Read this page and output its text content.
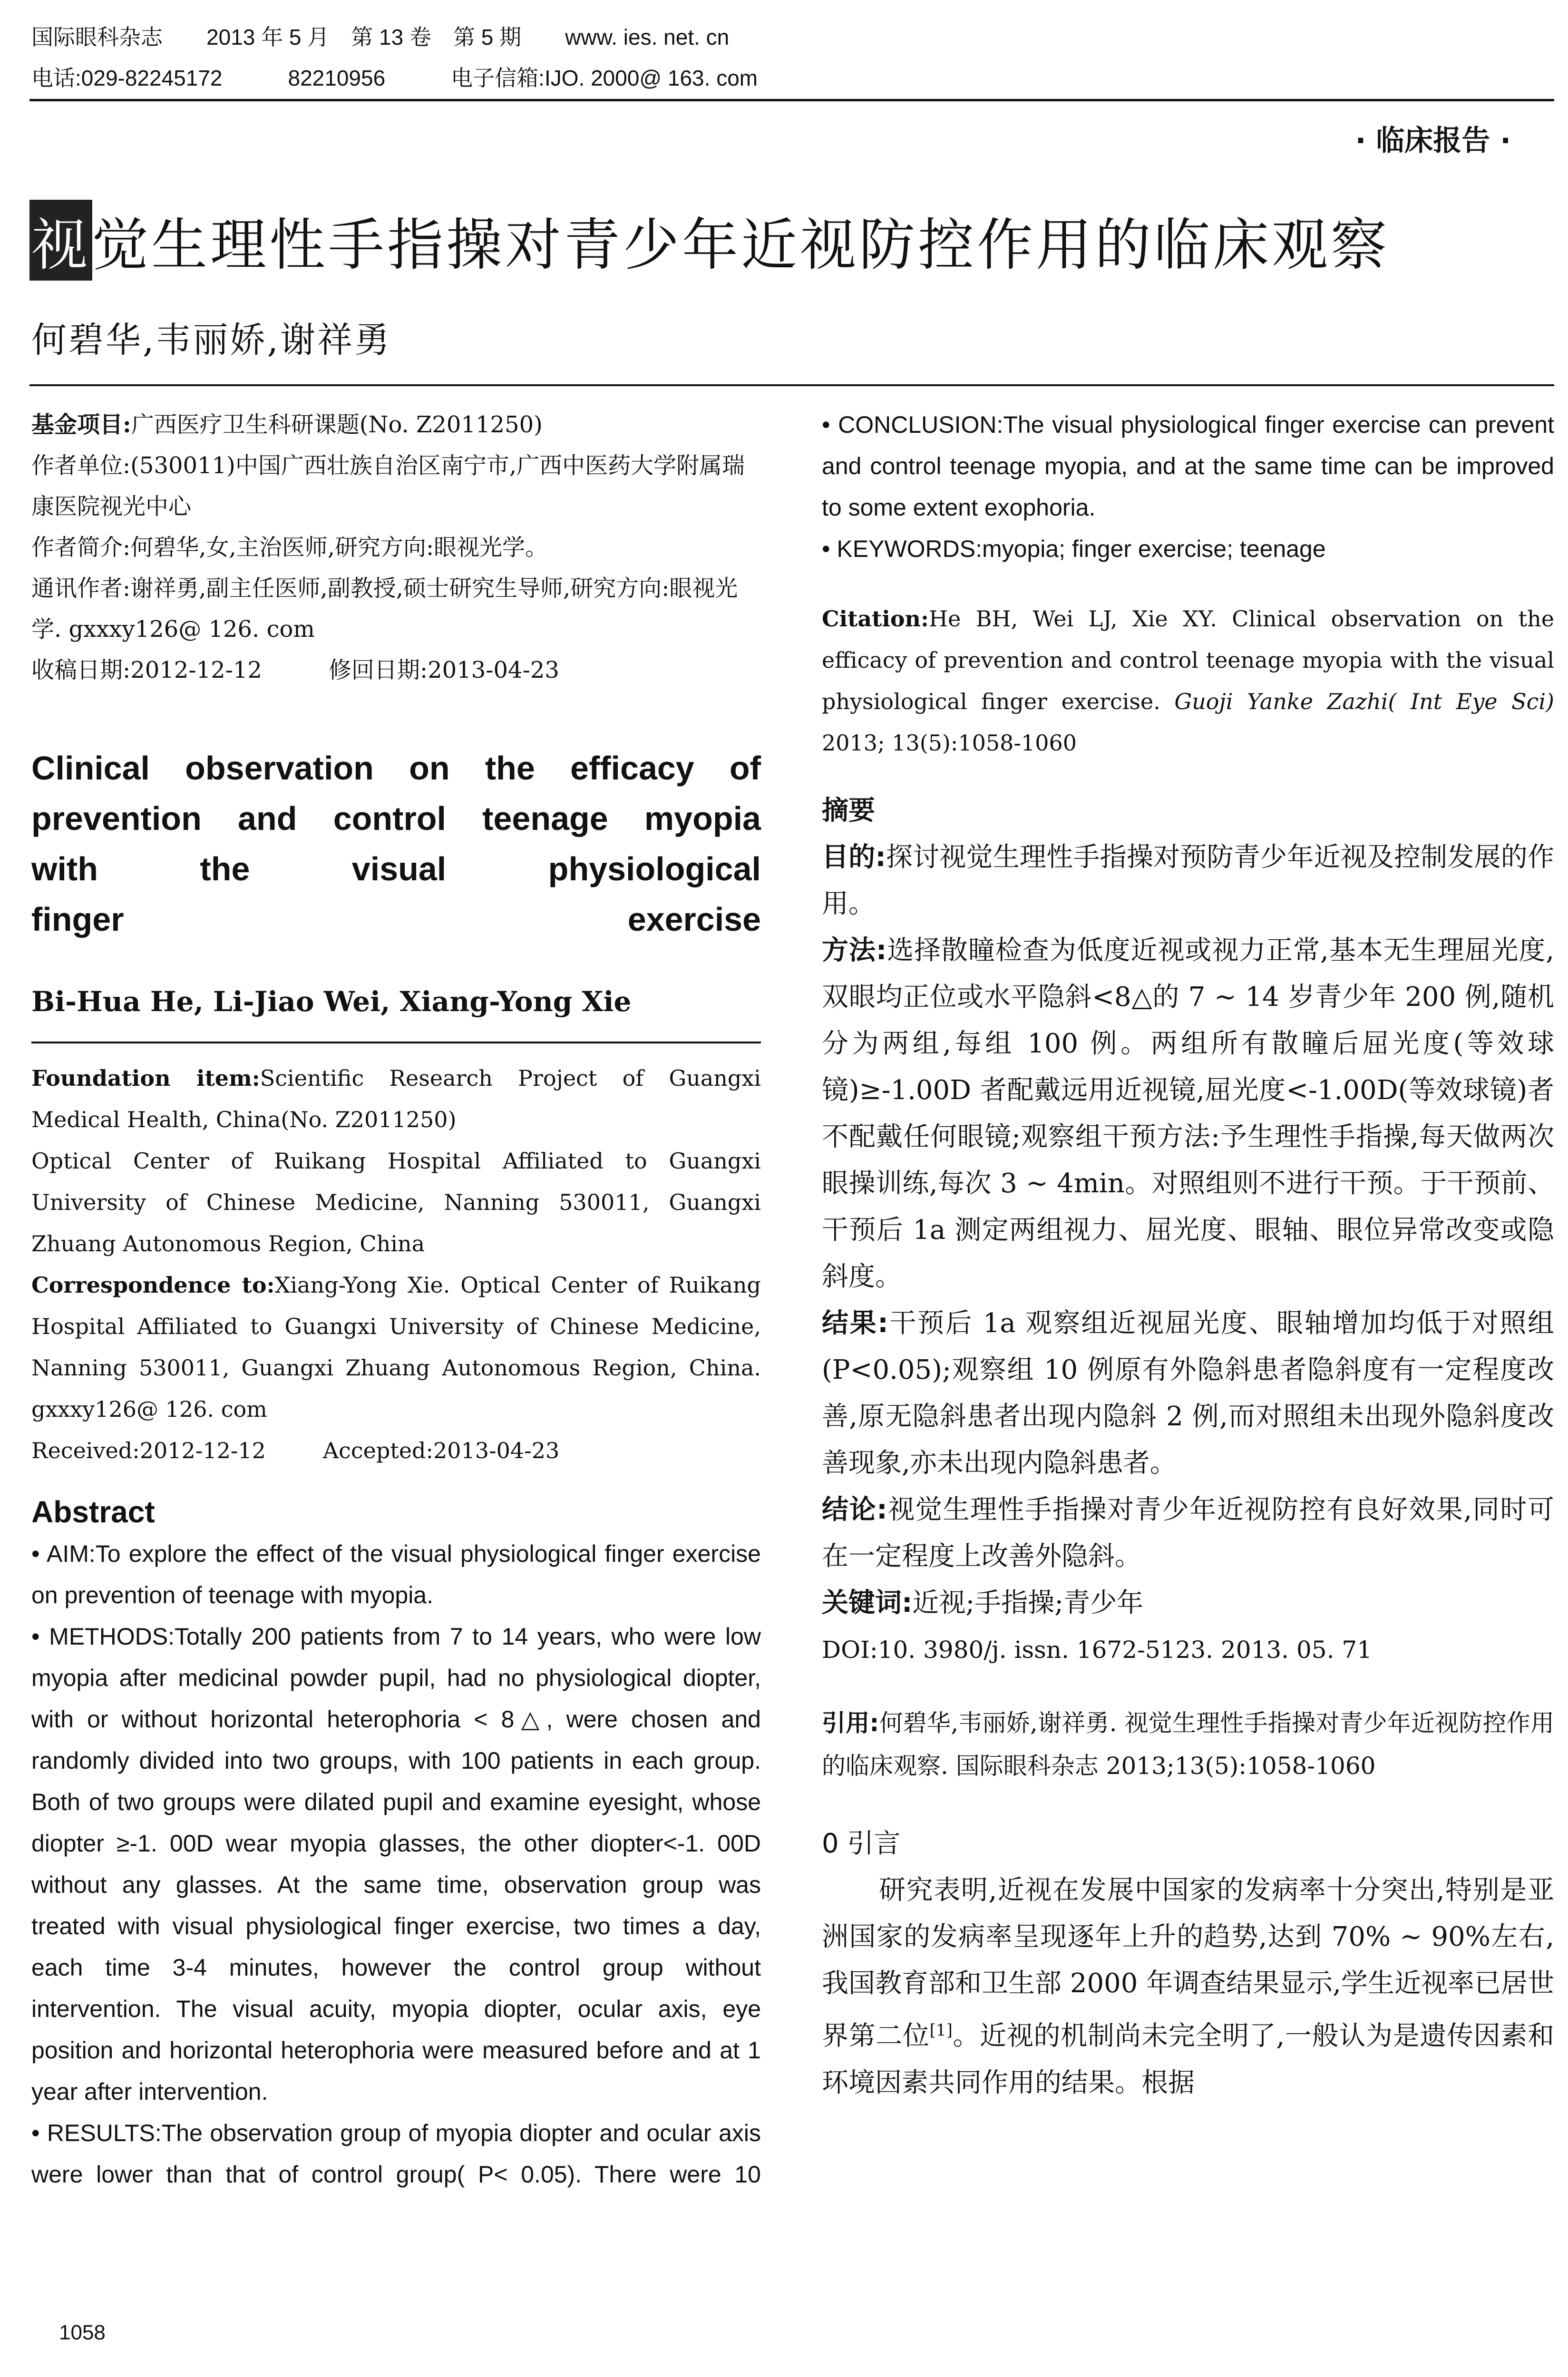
国际眼科杂志　　2013 年 5 月　第 13 卷　第 5 期　　www. ies. net. cn
电话:029-82245172　　　82210956　　　电子信箱:IJO. 2000@ 163. com
· 临床报告 ·
视觉生理性手指操对青少年近视防控作用的临床观察
何碧华,韦丽娇,谢祥勇

基金项目:广西医疗卫生科研课题(No. Z2011250)

作者单位:(530011)中国广西壮族自治区南宁市,广西中医药大学附属瑞康医院视光中心

作者简介:何碧华,女,主治医师,研究方向:眼视光学。

通讯作者:谢祥勇,副主任医师,副教授,硕士研究生导师,研究方向:眼视光学. gxxxy126@ 126. com

收稿日期:2012-12-12	修回日期:2013-04-23

Clinical observation on the efficacy of
prevention and control teenage myopia
with the visual physiological
finger exercise
Bi-Hua He, Li-Jiao Wei, Xiang-Yong Xie

Foundation item:Scientific Research Project of Guangxi Medical Health, China(No. Z2011250)

Optical Center of Ruikang Hospital Affiliated to Guangxi University of Chinese Medicine, Nanning 530011, Guangxi Zhuang Autonomous Region, China

Correspondence to:Xiang-Yong Xie. Optical Center of Ruikang Hospital Affiliated to Guangxi University of Chinese Medicine, Nanning 530011, Guangxi Zhuang Autonomous Region, China. gxxxy126@ 126. com

Received:2012-12-12	Accepted:2013-04-23

Abstract

• AIM:To explore the effect of the visual physiological finger exercise on prevention of teenage with myopia.

• METHODS:Totally 200 patients from 7 to 14 years, who were low myopia after medicinal powder pupil, had no physiological diopter, with or without horizontal heterophoria < 8△, were chosen and randomly divided into two groups, with 100 patients in each group. Both of two groups were dilated pupil and examine eyesight, whose diopter ≥-1. 00D wear myopia glasses, the other diopter<-1. 00D without any glasses. At the same time, observation group was treated with visual physiological finger exercise, two times a day, each time 3-4 minutes, however the control group without intervention. The visual acuity, myopia diopter, ocular axis, eye position and horizontal heterophoria were measured before and at 1 year after intervention.

• RESULTS:The observation group of myopia diopter and ocular axis were lower than that of control group( P< 0.05). There were 10

1058

• CONCLUSION:The visual physiological finger exercise can prevent and control teenage myopia, and at the same time can be improved to some extent exophoria.

• KEYWORDS:myopia; finger exercise; teenage

Citation:He BH, Wei LJ, Xie XY. Clinical observation on the efficacy of prevention and control teenage myopia with the visual physiological finger exercise. Guoji Yanke Zazhi( Int Eye Sci) 2013; 13(5):1058-1060
摘要

目的:探讨视觉生理性手指操对预防青少年近视及控制发展的作用。

方法:选择散瞳检查为低度近视或视力正常,基本无生理屈光度,双眼均正位或水平隐斜<8△的 7 ~ 14 岁青少年 200 例,随机分为两组,每组 100 例。两组所有散瞳后屈光度(等效球镜)≥-1.00D 者配戴远用近视镜,屈光度<-1.00D(等效球镜)者不配戴任何眼镜;观察组干预方法:予生理性手指操,每天做两次眼操训练,每次 3 ~ 4min。对照组则不进行干预。于干预前、干预后 1a 测定两组视力、屈光度、眼轴、眼位异常改变或隐斜度。

结果:干预后 1a 观察组近视屈光度、眼轴增加均低于对照组(P<0.05);观察组 10 例原有外隐斜患者隐斜度有一定程度改善,原无隐斜患者出现内隐斜 2 例,而对照组未出现外隐斜度改善现象,亦未出现内隐斜患者。

结论:视觉生理性手指操对青少年近视防控有良好效果,同时可在一定程度上改善外隐斜。

关键词:近视;手指操;青少年

DOI:10. 3980/j. issn. 1672-5123. 2013. 05. 71

引用:何碧华,韦丽娇,谢祥勇. 视觉生理性手指操对青少年近视防控作用的临床观察. 国际眼科杂志 2013;13(5):1058-1060
0 引言
研究表明,近视在发展中国家的发病率十分突出,特别是亚洲国家的发病率呈现逐年上升的趋势,达到 70% ~ 90%左右,我国教育部和卫生部 2000 年调查结果显示,学生近视率已居世界第二位[1]。近视的机制尚未完全明了,一般认为是遗传因素和环境因素共同作用的结果。根据
